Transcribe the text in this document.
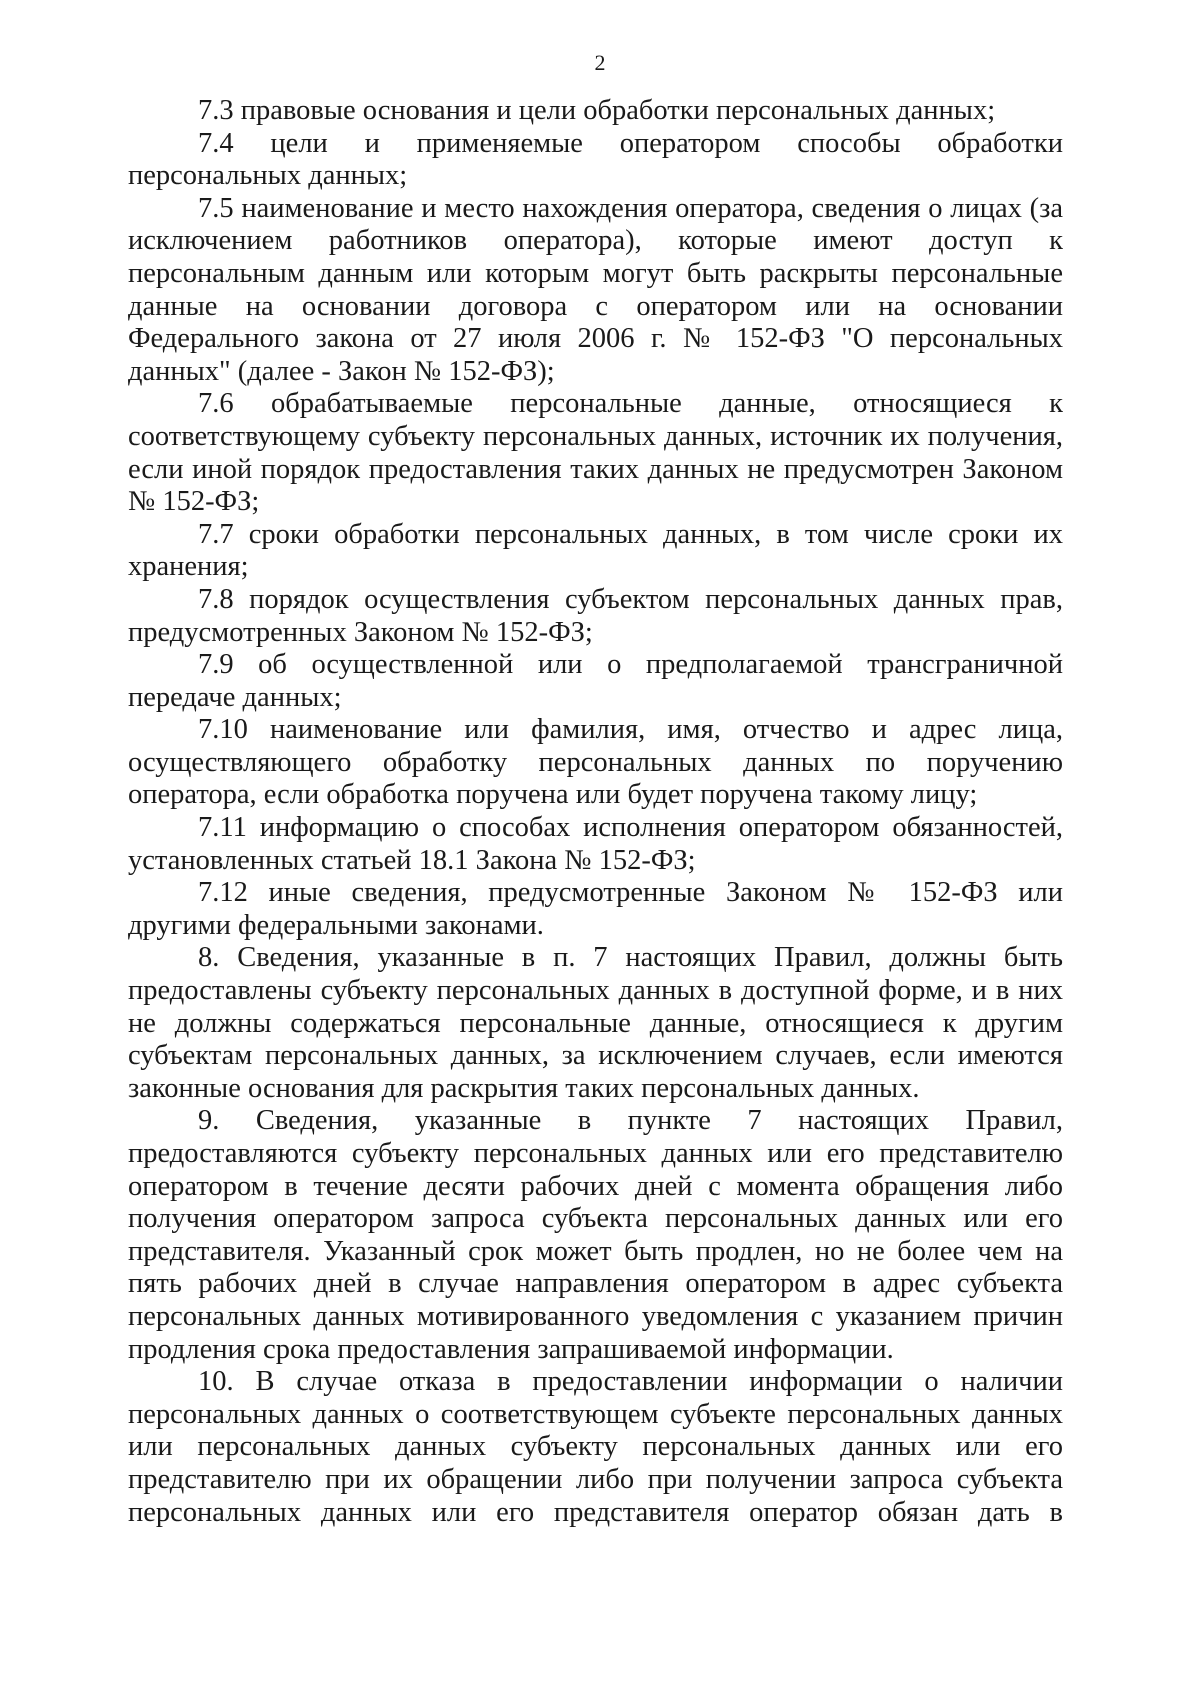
2

7.3 правовые основания и цели обработки персональных данных;

7.4 цели и применяемые оператором способы обработки персональных данных;

7.5 наименование и место нахождения оператора, сведения о лицах (за исключением работников оператора), которые имеют доступ к персональным данным или которым могут быть раскрыты персональные данные на основании договора с оператором или на основании Федерального закона от 27 июля 2006 г. № 152-ФЗ "О персональных данных" (далее - Закон № 152-ФЗ);

7.6 обрабатываемые персональные данные, относящиеся к соответствующему субъекту персональных данных, источник их получения, если иной порядок предоставления таких данных не предусмотрен Законом № 152-ФЗ;

7.7 сроки обработки персональных данных, в том числе сроки их хранения;

7.8 порядок осуществления субъектом персональных данных прав, предусмотренных Законом № 152-ФЗ;

7.9 об осуществленной или о предполагаемой трансграничной передаче данных;

7.10 наименование или фамилия, имя, отчество и адрес лица, осуществляющего обработку персональных данных по поручению оператора, если обработка поручена или будет поручена такому лицу;

7.11 информацию о способах исполнения оператором обязанностей, установленных статьей 18.1 Закона № 152-ФЗ;

7.12 иные сведения, предусмотренные Законом № 152-ФЗ или другими федеральными законами.

8. Сведения, указанные в п. 7 настоящих Правил, должны быть предоставлены субъекту персональных данных в доступной форме, и в них не должны содержаться персональные данные, относящиеся к другим субъектам персональных данных, за исключением случаев, если имеются законные основания для раскрытия таких персональных данных.

9. Сведения, указанные в пункте 7 настоящих Правил, предоставляются субъекту персональных данных или его представителю оператором в течение десяти рабочих дней с момента обращения либо получения оператором запроса субъекта персональных данных или его представителя. Указанный срок может быть продлен, но не более чем на пять рабочих дней в случае направления оператором в адрес субъекта персональных данных мотивированного уведомления с указанием причин продления срока предоставления запрашиваемой информации.

10. В случае отказа в предоставлении информации о наличии персональных данных о соответствующем субъекте персональных данных или персональных данных субъекту персональных данных или его представителю при их обращении либо при получении запроса субъекта персональных данных или его представителя оператор обязан дать в
